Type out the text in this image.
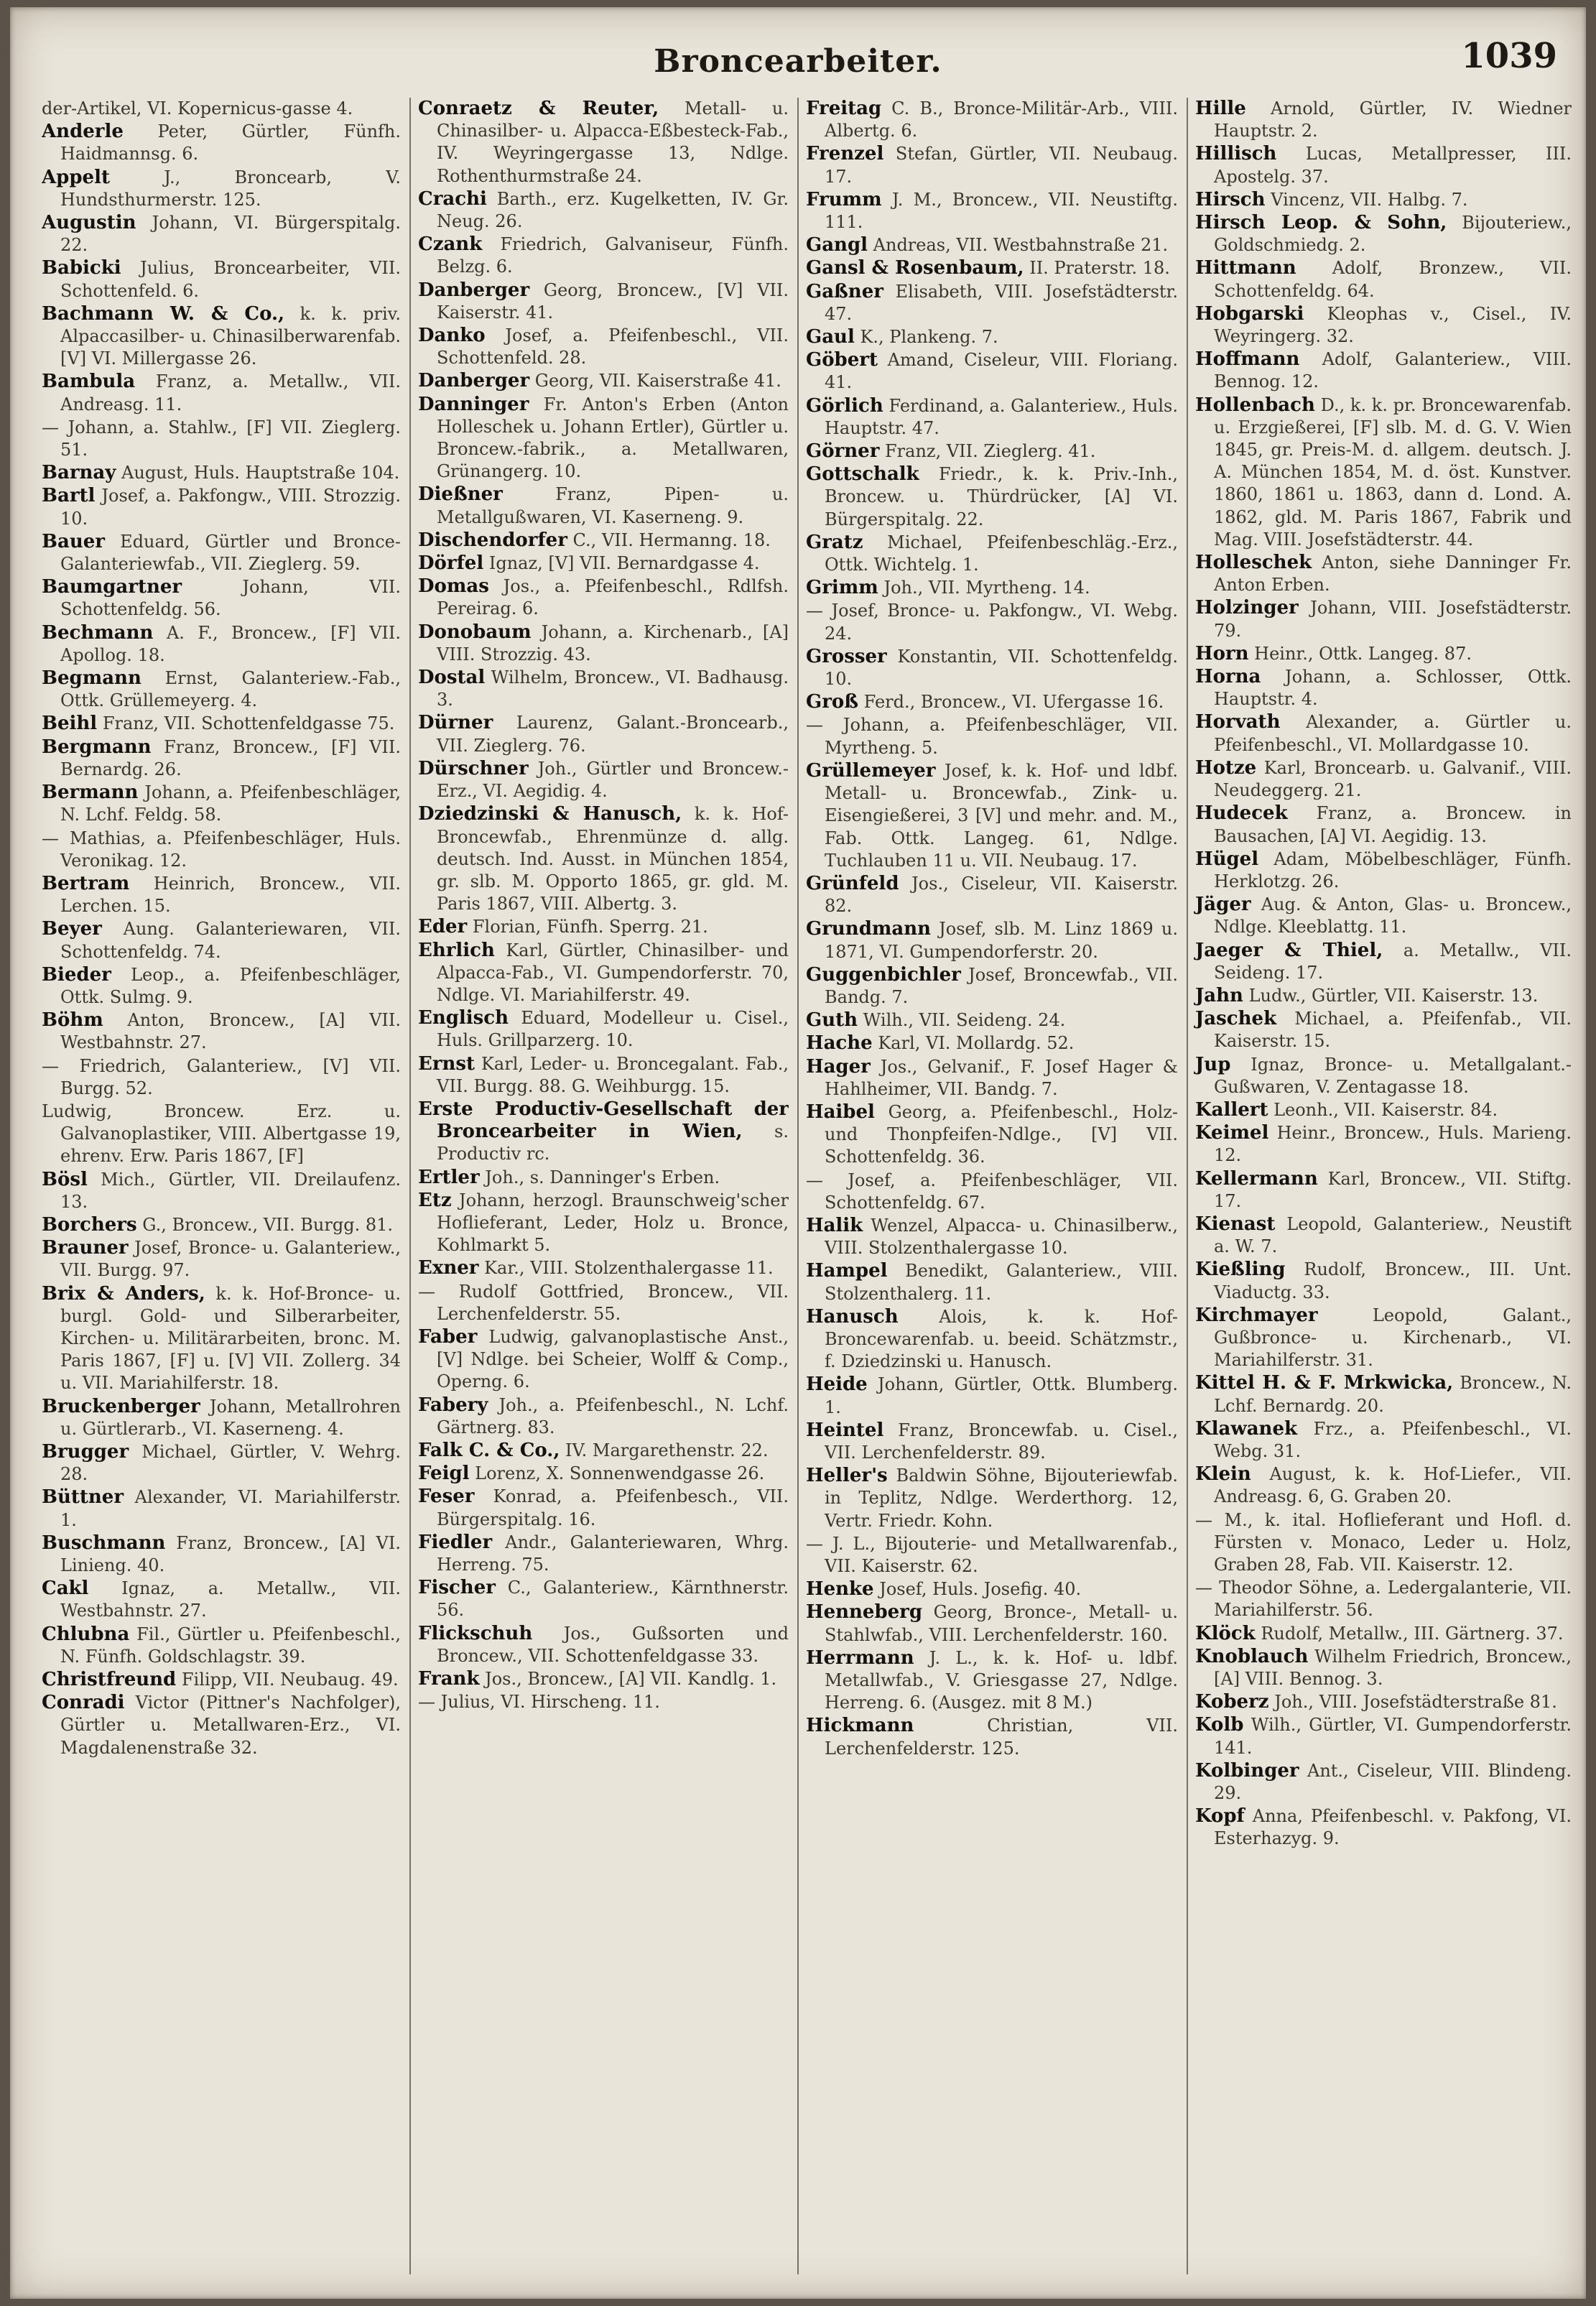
Broncearbeiter.	1039

der-Artikel, VI. Kopernicus-gasse 4.

Anderle Peter, Gürtler, Fünfh. Haidmannsg. 6.

Appelt	J., Broncearb, V. Hundsthurmerstr. 125.

Augustin Johann, VI. Bürgerspitalg. 22.

Babicki Julius, Broncearbeiter, VII. Schottenfeld. 6.

Bachmann W. & Co., k. k. priv. Alpaccasilber- u. Chinasilberwarenfab. [V] VI. Millergasse 26.

Bambula Franz, a. Metallw., VII. Andreasg. 11.

— Johann, a. Stahlw., [F] VII. Zieglerg. 51.

Barnay August, Huls. Hauptstraße 104.

Bartl Josef, a. Pakfongw., VIII. Strozzig. 10.

Bauer Eduard, Gürtler und Bronce-Galanteriewfab., VII. Zieglerg. 59.

Baumgartner	Johann, VII. Schottenfeldg. 56.

Bechmann A. F., Broncew., [F] VII. Apollog. 18.

Begmann Ernst, Galanteriew.-Fab., Ottk. Grüllemeyerg. 4.

Beihl Franz, VII. Schottenfeldgasse 75.

Bergmann Franz, Broncew., [F] VII. Bernardg. 26.

Bermann Johann, a. Pfeifenbeschläger, N. Lchf. Feldg. 58.

— Mathias, a. Pfeifenbeschläger, Huls. Veronikag. 12.

Bertram Heinrich, Broncew., VII. Lerchen. 15.

Beyer Aung. Galanteriewaren, VII. Schottenfeldg. 74.

Bieder Leop., a. Pfeifenbeschläger, Ottk. Sulmg. 9.

Böhm Anton, Broncew., [A] VII. Westbahnstr. 27.

— Friedrich, Galanteriew., [V] VII. Burgg. 52.

Ludwig, Broncew. Erz. u. Galvanoplastiker, VIII. Albertgasse 19, ehrenv. Erw. Paris 1867, [F]

Bösl Mich., Gürtler, VII. Dreilaufenz. 13.

Borchers G., Broncew., VII. Burgg. 81.

Brauner Josef, Bronce- u. Galanteriew., VII. Burgg. 97.

Brix & Anders, k. k. Hof-Bronce- u. burgl. Gold- und Silberarbeiter, Kirchen- u. Militärarbeiten, bronc. M. Paris 1867, [F] u. [V] VII. Zollerg. 34 u. VII. Mariahilferstr. 18.

Bruckenberger Johann, Metallrohren u. Gürtlerarb., VI. Kaserneng. 4.

Brugger Michael, Gürtler, V. Wehrg. 28.

Büttner Alexander, VI. Mariahilferstr. 1.

Buschmann Franz, Broncew., [A] VI. Linieng. 40.

Cakl Ignaz, a. Metallw., VII. Westbahnstr. 27.

Chlubna Fil., Gürtler u. Pfeifenbeschl., N. Fünfh. Goldschlagstr. 39.

Christfreund Filipp, VII. Neubaug. 49.

Conradi Victor (Pittner's Nachfolger), Gürtler u. Metallwaren-Erz., VI. Magdalenenstraße 32.

Conraetz & Reuter, Metall- u. Chinasilber- u. Alpacca-Eßbesteck-Fab., IV. Weyringergasse 13, Ndlge. Rothenthurmstraße 24.

Crachi Barth., erz. Kugelketten, IV. Gr. Neug. 26.

Czank Friedrich, Galvaniseur, Fünfh. Belzg. 6.

Danberger Georg, Broncew., [V] VII. Kaiserstr. 41.

Danko Josef, a. Pfeifenbeschl., VII. Schottenfeld. 28.

Danberger Georg, VII. Kaiserstraße 41.

Danninger Fr. Anton's Erben (Anton Holleschek u. Johann Ertler), Gürtler u. Broncew.-fabrik., a. Metallwaren, Grünangerg. 10.

Dießner	Franz, Pipen- u. Metallgußwaren, VI. Kaserneng. 9.

Dischendorfer C., VII. Hermanng. 18.

Dörfel Ignaz, [V] VII. Bernardgasse 4.

Domas Jos., a. Pfeifenbeschl., Rdlfsh. Pereirag. 6.

Donobaum Johann, a. Kirchenarb., [A] VIII. Strozzig. 43.

Dostal Wilhelm, Broncew., VI. Badhausg. 3.

Dürner Laurenz, Galant.-Broncearb., VII. Zieglerg. 76.

Dürschner Joh., Gürtler und Broncew.-Erz., VI. Aegidig. 4.

Dziedzinski & Hanusch, k. k. Hof-Broncewfab., Ehrenmünze d. allg. deutsch. Ind. Ausst. in München 1854, gr. slb. M. Opporto 1865, gr. gld. M. Paris 1867, VIII. Albertg. 3.

Eder Florian, Fünfh. Sperrg. 21.

Ehrlich Karl, Gürtler, Chinasilber- und Alpacca-Fab., VI. Gumpendorferstr. 70, Ndlge. VI. Mariahilferstr. 49.

Englisch Eduard, Modelleur u. Cisel., Huls. Grillparzerg. 10.

Ernst Karl, Leder- u. Broncegalant. Fab., VII. Burgg. 88. G. Weihburgg. 15.

Erste Productiv-Gesellschaft der Broncearbeiter in Wien, s. Productiv rc.

Ertler Joh., s. Danninger's Erben.

Etz Johann, herzogl. Braunschweig'scher Hoflieferant, Leder, Holz u. Bronce, Kohlmarkt 5.

Exner Kar., VIII. Stolzenthalergasse 11.

— Rudolf Gottfried, Broncew., VII. Lerchenfelderstr. 55.

Faber Ludwig, galvanoplastische Anst., [V] Ndlge. bei Scheier, Wolff & Comp., Operng. 6.

Fabery Joh., a. Pfeifenbeschl., N. Lchf. Gärtnerg. 83.

Falk C. & Co., IV. Margarethenstr. 22.

Feigl Lorenz, X. Sonnenwendgasse 26.

Feser Konrad, a. Pfeifenbesch., VII. Bürgerspitalg. 16.

Fiedler Andr., Galanteriewaren, Whrg. Herreng. 75.

Fischer C., Galanteriew., Kärnthnerstr. 56.

Flickschuh Jos., Gußsorten und Broncew., VII. Schottenfeldgasse 33.

Frank Jos., Broncew., [A] VII. Kandlg. 1.

— Julius, VI. Hirscheng. 11.

Freitag C. B., Bronce-Militär-Arb., VIII. Albertg. 6.

Frenzel Stefan, Gürtler, VII. Neubaug. 17.

Frumm J. M., Broncew., VII. Neustiftg. 111.

Gangl Andreas, VII. Westbahnstraße 21.

Gansl & Rosenbaum, II. Praterstr. 18.

Gaßner Elisabeth, VIII. Josefstädterstr. 47.

Gaul K., Plankeng. 7.

Göbert Amand, Ciseleur, VIII. Floriang. 41.

Görlich Ferdinand, a. Galanteriew., Huls. Hauptstr. 47.

Görner Franz, VII. Zieglerg. 41.

Gottschalk Friedr., k. k. Priv.-Inh., Broncew. u. Thürdrücker, [A] VI. Bürgerspitalg. 22.

Gratz Michael, Pfeifenbeschläg.-Erz., Ottk. Wichtelg. 1.

Grimm Joh., VII. Myrtheng. 14.

— Josef, Bronce- u. Pakfongw., VI. Webg. 24.

Grosser Konstantin, VII. Schottenfeldg. 10.

Groß Ferd., Broncew., VI. Ufergasse 16.

— Johann, a. Pfeifenbeschläger, VII. Myrtheng. 5.

Grüllemeyer Josef, k. k. Hof- und ldbf. Metall- u. Broncewfab., Zink- u. Eisengießerei, 3 [V] und mehr. and. M., Fab. Ottk. Langeg. 61, Ndlge. Tuchlauben 11 u. VII. Neubaug. 17.

Grünfeld Jos., Ciseleur, VII. Kaiserstr. 82.

Grundmann Josef, slb. M. Linz 1869 u. 1871, VI. Gumpendorferstr. 20.

Guggenbichler Josef, Broncewfab., VII. Bandg. 7.

Guth Wilh., VII. Seideng. 24.

Hache Karl, VI. Mollardg. 52.

Hager Jos., Gelvanif., F. Josef Hager & Hahlheimer, VII. Bandg. 7.

Haibel Georg, a. Pfeifenbeschl., Holz- und Thonpfeifen-Ndlge., [V] VII. Schottenfeldg. 36.

— Josef, a. Pfeifenbeschläger, VII. Schottenfeldg. 67.

Halik Wenzel, Alpacca- u. Chinasilberw., VIII. Stolzenthalergasse 10.

Hampel Benedikt, Galanteriew., VIII. Stolzenthalerg. 11.

Hanusch Alois, k. k. Hof-Broncewarenfab. u. beeid. Schätzmstr., f. Dziedzinski u. Hanusch.

Heide Johann, Gürtler, Ottk. Blumberg. 1.

Heintel Franz, Broncewfab. u. Cisel., VII. Lerchenfelderstr. 89.

Heller's Baldwin Söhne, Bijouteriewfab. in Teplitz, Ndlge. Werderthorg. 12, Vertr. Friedr. Kohn.

— J. L., Bijouterie- und Metallwarenfab., VII. Kaiserstr. 62.

Henke Josef, Huls. Josefig. 40.

Henneberg Georg, Bronce-, Metall- u. Stahlwfab., VIII. Lerchenfelderstr. 160.

Herrmann J. L., k. k. Hof- u. ldbf. Metallwfab., V. Griesgasse 27, Ndlge. Herreng. 6. (Ausgez. mit 8 M.)

Hickmann	Christian, VII. Lerchenfelderstr. 125.

Hille Arnold, Gürtler, IV. Wiedner Hauptstr. 2.

Hillisch Lucas, Metallpresser, III. Apostelg. 37.

Hirsch Vincenz, VII. Halbg. 7.

Hirsch Leop. & Sohn, Bijouteriew., Goldschmiedg. 2.

Hittmann Adolf, Bronzew., VII. Schottenfeldg. 64.

Hobgarski Kleophas v., Cisel., IV. Weyringerg. 32.

Hoffmann Adolf, Galanteriew., VIII. Bennog. 12.

Hollenbach D., k. k. pr. Broncewarenfab. u. Erzgießerei, [F] slb. M. d. G. V. Wien 1845, gr. Preis-M. d. allgem. deutsch. J. A. München 1854, M. d. öst. Kunstver. 1860, 1861 u. 1863, dann d. Lond. A. 1862, gld. M. Paris 1867, Fabrik und Mag. VIII. Josefstädterstr. 44.

Holleschek Anton, siehe Danninger Fr. Anton Erben.

Holzinger Johann, VIII. Josefstädterstr. 79.

Horn Heinr., Ottk. Langeg. 87.

Horna Johann, a. Schlosser, Ottk. Hauptstr. 4.

Horvath Alexander, a. Gürtler u. Pfeifenbeschl., VI. Mollardgasse 10.

Hotze Karl, Broncearb. u. Galvanif., VIII. Neudeggerg. 21.

Hudecek Franz, a. Broncew. in Bausachen, [A] VI. Aegidig. 13.

Hügel Adam, Möbelbeschläger, Fünfh. Herklotzg. 26.

Jäger Aug. & Anton, Glas- u. Broncew., Ndlge. Kleeblattg. 11.

Jaeger & Thiel, a. Metallw., VII. Seideng. 17.

Jahn Ludw., Gürtler, VII. Kaiserstr. 13.

Jaschek Michael, a. Pfeifenfab., VII. Kaiserstr. 15.

Jup Ignaz, Bronce- u. Metallgalant.-Gußwaren, V. Zentagasse 18.

Kallert Leonh., VII. Kaiserstr. 84.

Keimel Heinr., Broncew., Huls. Marieng. 12.

Kellermann Karl, Broncew., VII. Stiftg. 17.

Kienast Leopold, Galanteriew., Neustift a. W. 7.

Kießling Rudolf, Broncew., III. Unt. Viaductg. 33.

Kirchmayer	Leopold, Galant., Gußbronce- u. Kirchenarb., VI. Mariahilferstr. 31.

Kittel H. & F. Mrkwicka, Broncew., N. Lchf. Bernardg. 20.

Klawanek Frz., a. Pfeifenbeschl., VI. Webg. 31.

Klein August, k. k. Hof-Liefer., VII. Andreasg. 6, G. Graben 20.

— M., k. ital. Hoflieferant und Hofl. d. Fürsten v. Monaco, Leder u. Holz, Graben 28, Fab. VII. Kaiserstr. 12.

— Theodor Söhne, a. Ledergalanterie, VII. Mariahilferstr. 56.

Klöck Rudolf, Metallw., III. Gärtnerg. 37.

Knoblauch Wilhelm Friedrich, Broncew., [A] VIII. Bennog. 3.

Koberz Joh., VIII. Josefstädterstraße 81.

Kolb Wilh., Gürtler, VI. Gumpendorferstr. 141.

Kolbinger Ant., Ciseleur, VIII. Blindeng. 29.

Kopf Anna, Pfeifenbeschl. v. Pakfong, VI. Esterhazyg. 9.
